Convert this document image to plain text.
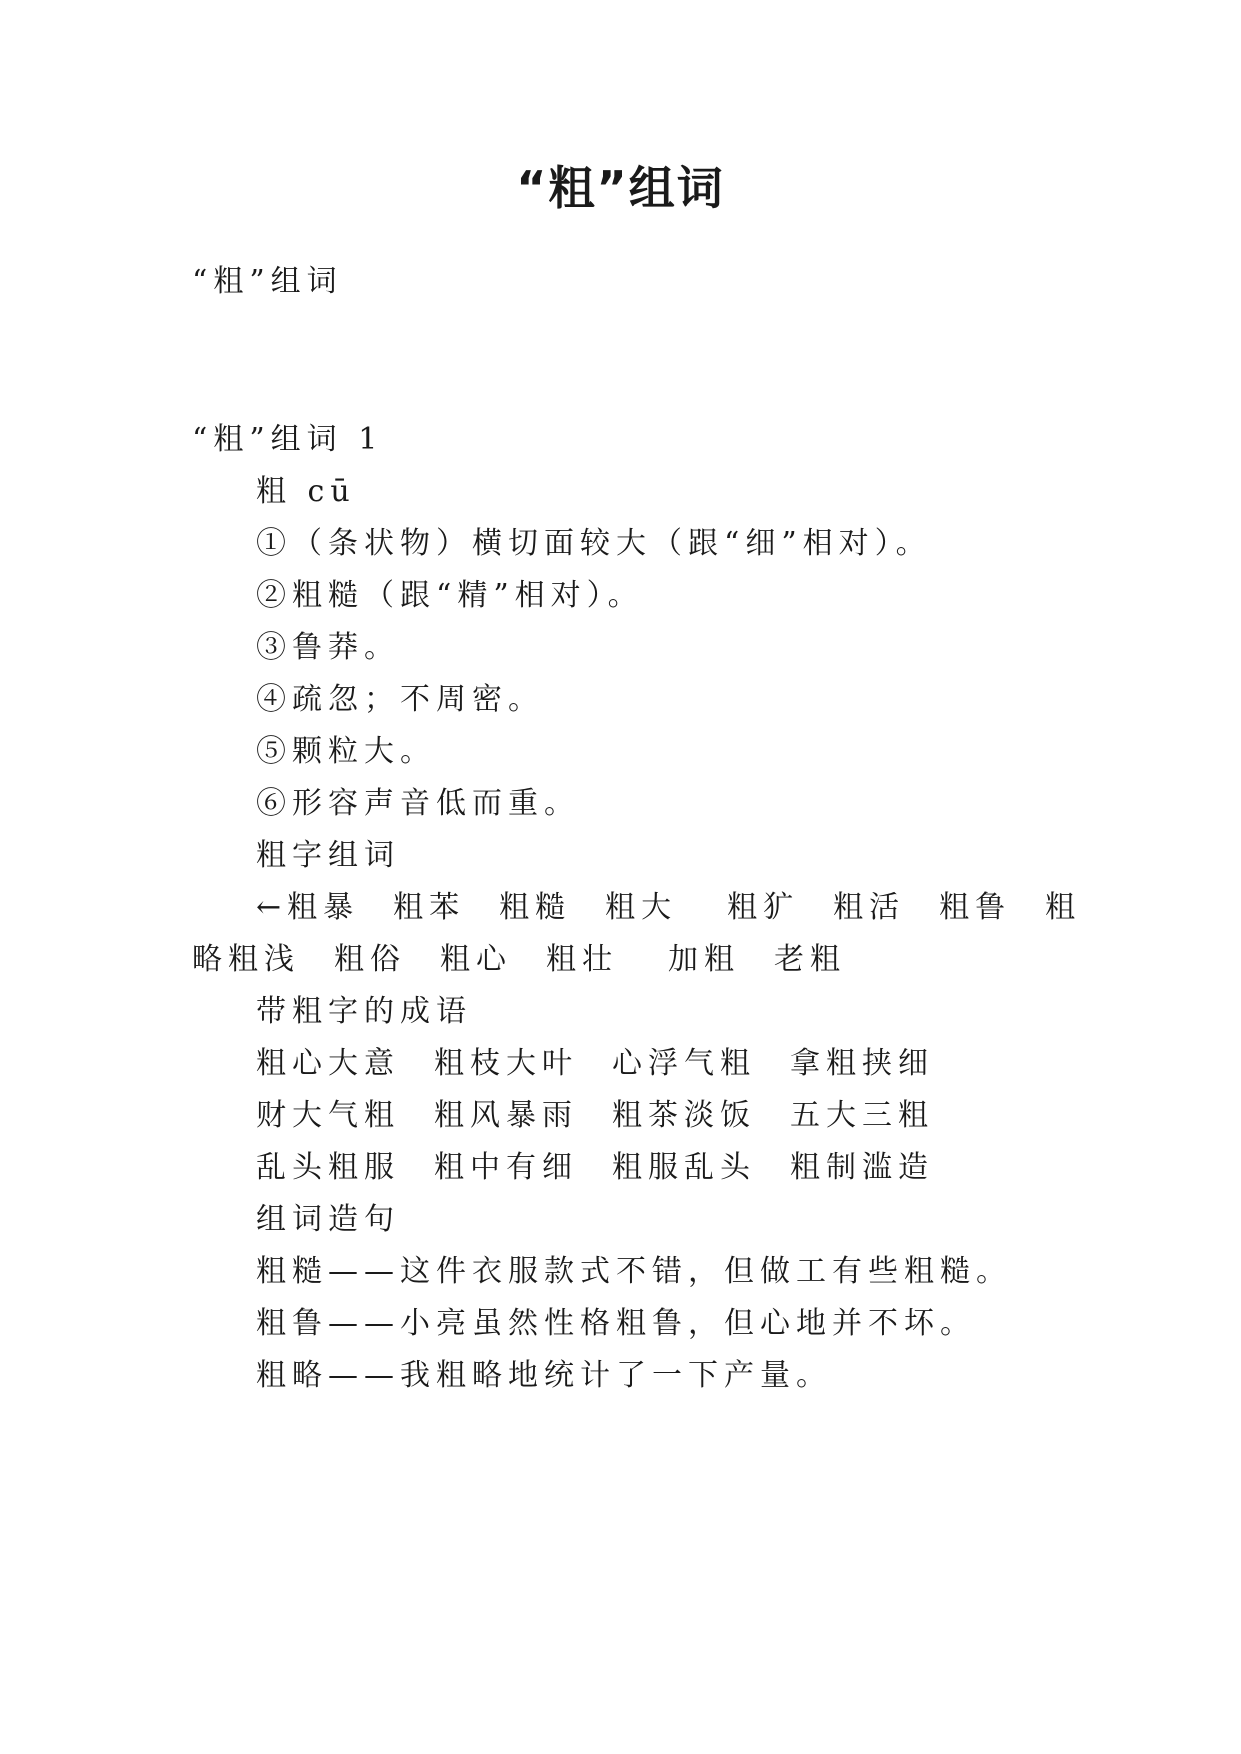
“粗”组词
“粗”组词
“粗”组词 1
粗 cū
①（条状物）横切面较大（跟“细”相对）。
②粗糙（跟“精”相对）。
③鲁莽。
④疏忽；不周密。
⑤颗粒大。
⑥形容声音低而重。
粗字组词
←粗暴 粗苯 粗糙 粗大 粗犷 粗活 粗鲁 粗
略粗浅 粗俗 粗心 粗壮 加粗 老粗
带粗字的成语
粗心大意 粗枝大叶 心浮气粗 拿粗挟细
财大气粗 粗风暴雨 粗茶淡饭 五大三粗
乱头粗服 粗中有细 粗服乱头 粗制滥造
组词造句
粗糙——这件衣服款式不错，但做工有些粗糙。
粗鲁——小亮虽然性格粗鲁，但心地并不坏。
粗略——我粗略地统计了一下产量。
